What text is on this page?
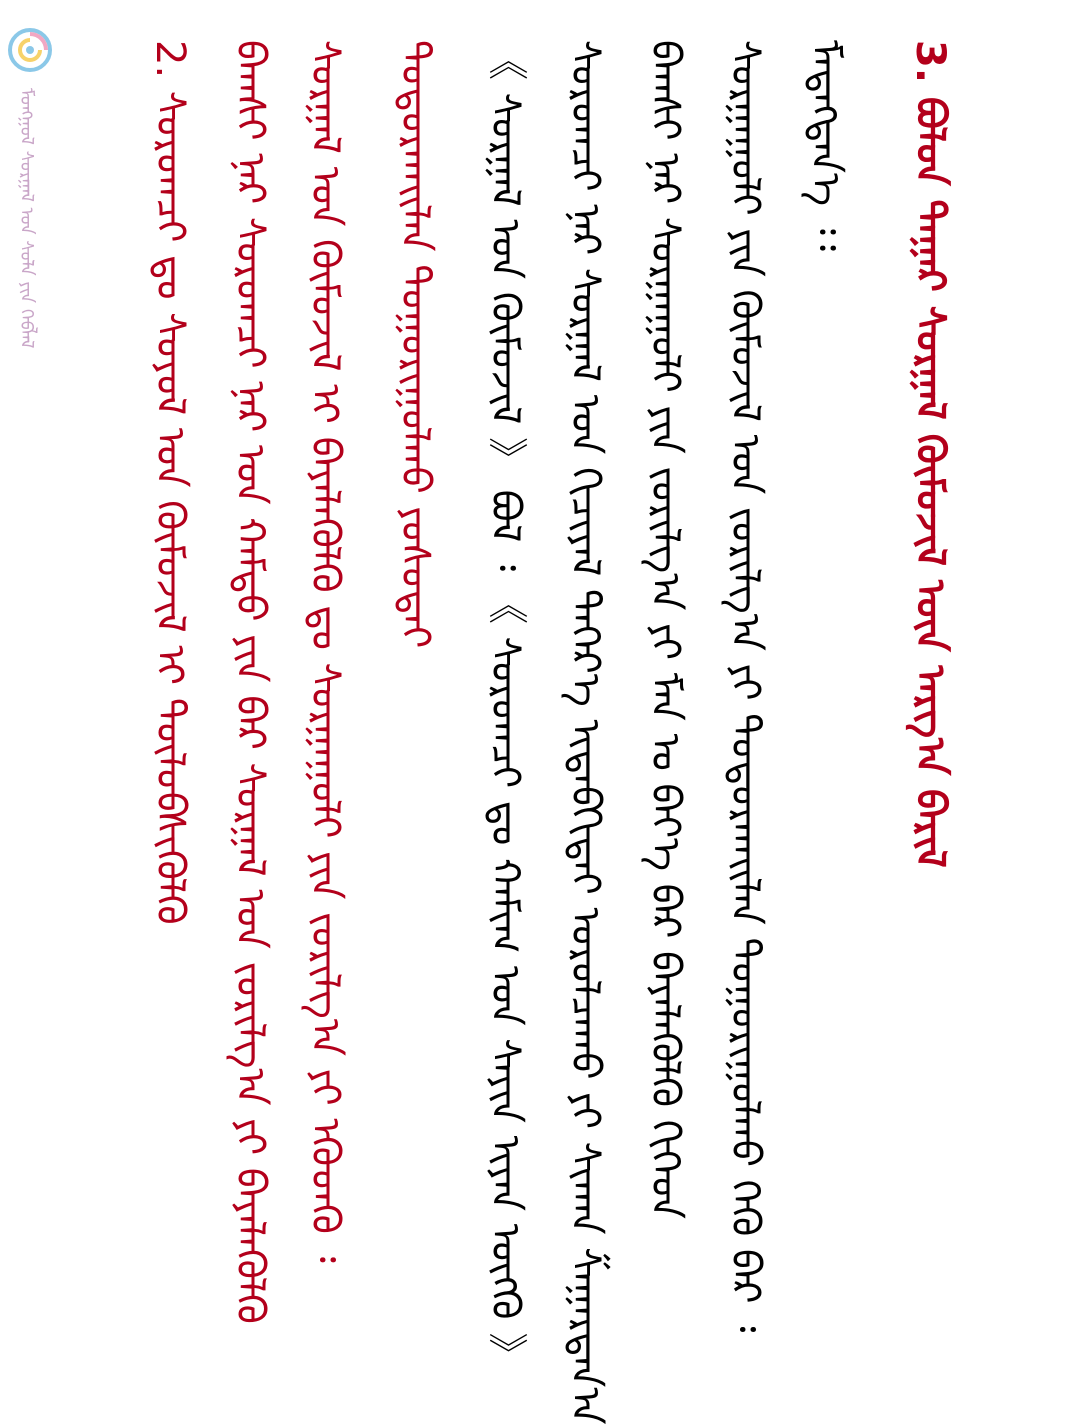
ᠮᠣᠩᠭᠣᠯ ᠰᠤᠷᠭᠠᠯ ᠤᠨ ᠰᠤᠯᠠ ᠶᠢᠨ ᠬᠡᠪᠯᠡᠯ	3. ᠪᠣᠯᠤᠨ ᠳᠠᠭᠠᠷ ᠰᠤᠷᠭᠠᠯ ᠬᠦᠮᠦᠵᠢᠯ ᠦᠨ ᠠᠷᠭ᠎ᠠ ᠪᠠᠷᠢᠯ
ᠮᠡᠳᠡᠭᠳᠡᠨ᠎ᠡ ᠄᠄
ᠰᠤᠷᠭᠠᠭᠤᠯᠢ ᠶᠢᠨ ᠬᠦᠮᠦᠵᠢᠯ ᠤᠨ ᠵᠤᠷᠢᠯᠭ᠎ᠠ ᠶᠢ ᠲᠣᠳᠣᠷᠬᠠᠢᠯᠠᠨ ᠲᠣᠭᠤᠷᠢᠭᠤᠯᠬᠤ ᠭᠡᠬᠦ ᠪᠡᠷ ᠄
ᠪᠠᠭᠰᠢ ᠨᠠᠷ ᠰᠤᠷᠭᠠᠭᠤᠯᠢ ᠶᠢᠨ ᠵᠤᠷᠢᠯᠭ᠎ᠠ ᠶᠢ ᠮᠠᠨ ᠤ ᠪᠡᠶ᠎ᠡ ᠪᠡᠷ ᠪᠡᠶᠡᠯᠡᠭᠦᠯᠬᠦ ᠬᠢᠭᠡᠳ
ᠰᠤᠷᠤᠭᠴᠢ ᠨᠠᠷ ᠰᠤᠷᠭᠠᠯ ᠤᠨ ᠬᠢᠴᠢᠶᠡᠯ ᠳᠡᠭᠡᠷ᠎ᠡ ᠢᠳᠡᠪᠬᠢᠲᠡᠶ ᠤᠷᠤᠯᠴᠠᠬᠤ ᠶᠢ ᠰᠢᠬᠠᠨ ᠱᠠᠭᠠᠷᠳᠠᠨ᠎ᠠ
《 ᠰᠤᠷᠭᠠᠯ ᠤᠨ ᠬᠦᠮᠦᠵᠢᠯ 》 ᠪᠣᠯ ᠄ 《 ᠰᠤᠷᠤᠭᠴᠢ ᠳᠤ ᠬᠠᠮᠢᠭ ᠤᠨ ᠰᠠᠶᠢᠨ ᠢᠶᠡᠨ ᠥᠭᠬᠦ 》
ᠲᠣᠳᠣᠷᠬᠠᠢᠯᠠᠨ ᠲᠣᠭᠤᠷᠢᠭᠤᠯᠬᠤ ᠶᠤᠰᠤᠲᠠᠢ
ᠰᠤᠷᠭᠠᠯ ᠤᠨ ᠬᠦᠮᠦᠵᠢᠯ ᠢ ᠪᠡᠶᠡᠯᠡᠭᠦᠯᠬᠦ ᠳᠤ ᠰᠤᠷᠭᠠᠭᠤᠯᠢ ᠶᠢᠨ ᠵᠤᠷᠢᠯᠭ᠎ᠠ ᠶᠢ ᠡᠭᠦᠳᠬᠦ ᠄
ᠪᠠᠭᠰᠢ ᠨᠠᠷ ᠰᠤᠷᠤᠭᠴᠢ ᠨᠠᠷ ᠤᠨ ᠬᠠᠮᠲᠤ ᠶᠢᠨ ᠪᠠᠷ ᠰᠤᠷᠭᠠᠯ ᠤᠨ ᠵᠤᠷᠢᠯᠭ᠎ᠠ ᠶᠢ ᠪᠡᠶᠡᠯᠡᠭᠦᠯᠬᠦ
2. ᠰᠤᠷᠤᠭᠴᠢ ᠳᠤ ᠰᠣᠶᠣᠯ ᠤᠨ ᠬᠦᠮᠦᠵᠢᠯ ᠢ ᠲᠥᠯᠥᠪᠰᠢᠭᠦᠯᠬᠦ
